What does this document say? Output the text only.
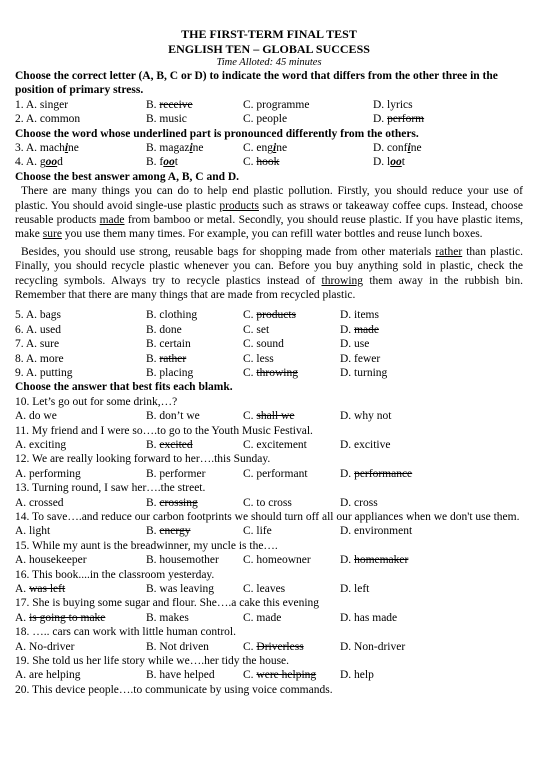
THE FIRST-TERM FINAL TEST
ENGLISH TEN – GLOBAL SUCCESS
Time Alloted: 45 minutes

Choose the correct letter (A, B, C or D) to indicate the word that differs from the other three in the position of primary stress.

1. A. singer	B. receive	C. programme	D. lyrics
2. A. common	B. music	C. people	D. perform

Choose the word whose underlined part is pronounced differently from the others.

3. A. machine	B. magazine	C. engine	D. confine
4. A. good	B. foot	C. hook	D. loot

Choose the best answer among A, B, C and D.

There are many things you can do to help end plastic pollution. Firstly, you should reduce your use of plastic. You should avoid single-use plastic products such as straws or takeaway coffee cups. Instead, choose reusable products made from bamboo or metal. Secondly, you should reuse plastic. If you have plastic items, make sure you use them many times. For example, you can refill water bottles and reuse lunch boxes.

Besides, you should use strong, reusable bags for shopping made from other materials rather than plastic. Finally, you should recycle plastic whenever you can. Before you buy anything sold in plastic, check the recycling symbols. Always try to recycle plastics instead of throwing them away in the rubbish bin. Remember that there are many things that are made from recycled plastic.

5. A. bags	B. clothing	C. products	D. items
6. A. used	B. done	C. set	D. made
7. A. sure	B. certain	C. sound	D. use
8. A. more	B. rather	C. less	D. fewer
9. A. putting	B. placing	C. throwing	D. turning

Choose the answer that best fits each blamk.

10. Let’s go out for some drink,…?

A. do we	B. don’t we	C. shall we	D. why not

11. My friend and I were so….to go to the Youth Music Festival.

A. exciting	B. excited	C. excitement	D. excitive

12. We are really looking forward to her….this Sunday.

A. performing	B. performer	C. performant	D. performance

13. Turning round, I saw her….the street.

A. crossed	B. crossing	C. to cross	D. cross

14. To save….and reduce our carbon footprints we should turn off all our appliances when we don't use them.

A. light	B. energy	C. life	D. environment

15. While my aunt is the breadwinner, my uncle is the….

A. housekeeper	B. housemother C. homeowner	D. homemaker

16. This book....in the classroom yesterday.

A. was left	B. was leaving	C. leaves	D. left

17. She is buying some sugar and flour. She….a cake this evening

A. is going to make	B. makes	C. made	D. has made

18. ….. cars can work with little human control.

A. No-driver	B. Not driven	C. Driverless	D. Non-driver

19. She told us her life story while we….her tidy the house.

A. are helping	B. have helped C. were helping D. help

20. This device people….to communicate by using voice commands.
